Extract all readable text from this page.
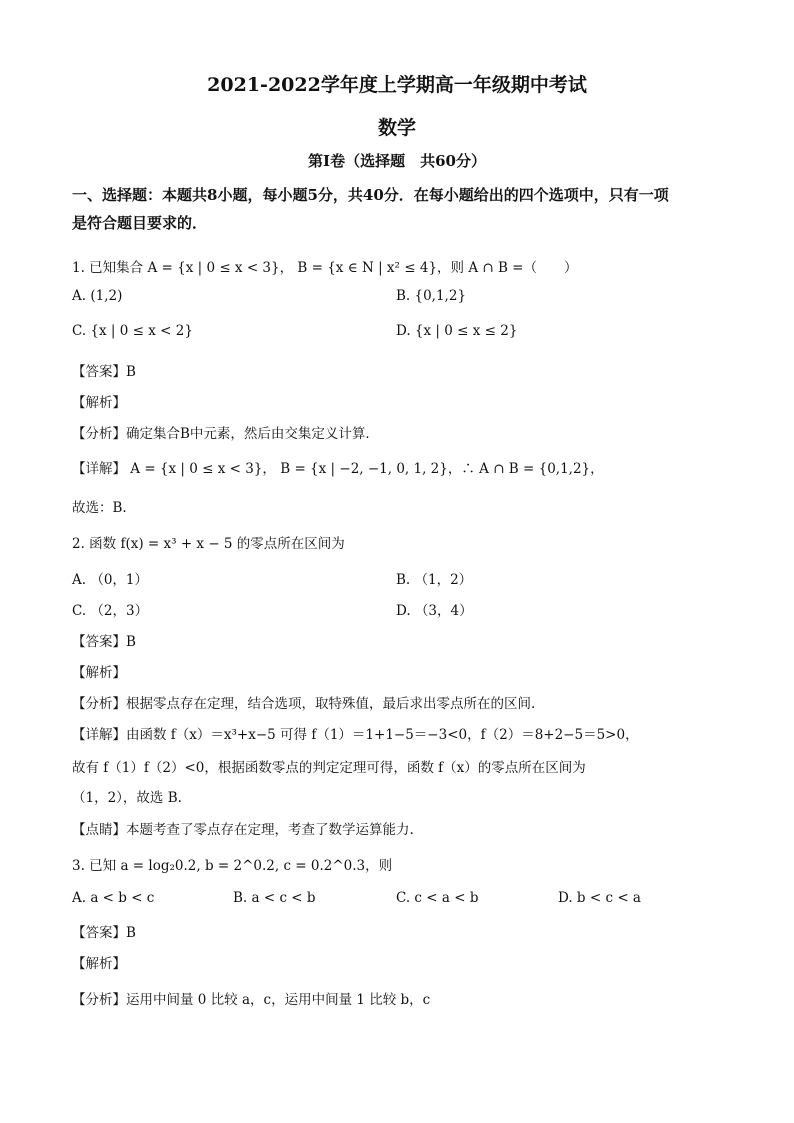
2021-2022学年度上学期高一年级期中考试
数学
第I卷（选择题　共60分）
一、选择题：本题共8小题，每小题5分，共40分．在每小题给出的四个选项中，只有一项
是符合题目要求的．
1. 已知集合 A = {x | 0 ≤ x < 3}， B = {x ∈ N | x² ≤ 4}，则 A ∩ B =（　　）
A. (1,2)	B. {0,1,2}
C. {x | 0 ≤ x < 2}	D. {x | 0 ≤ x ≤ 2}
【答案】B
【解析】
【分析】确定集合B中元素，然后由交集定义计算．
【详解】 A = {x | 0 ≤ x < 3}， B = {x | −2, −1, 0, 1, 2}，∴ A ∩ B = {0,1,2}，
故选：B.
2. 函数 f(x) = x³ + x − 5 的零点所在区间为
A. （0，1）	B. （1，2）
C. （2，3）	D. （3，4）
【答案】B
【解析】
【分析】根据零点存在定理，结合选项，取特殊值，最后求出零点所在的区间.
【详解】由函数 f（x）＝x³+x−5 可得 f（1）＝1+1−5＝−3<0，f（2）＝8+2−5＝5>0，
故有 f（1）f（2）<0，根据函数零点的判定定理可得，函数 f（x）的零点所在区间为
（1，2），故选 B.
【点睛】本题考查了零点存在定理，考查了数学运算能力.
3. 已知 a = log₂0.2, b = 2^0.2, c = 0.2^0.3，则
A. a < b < c	B. a < c < b	C. c < a < b	D. b < c < a
【答案】B
【解析】
【分析】运用中间量 0 比较 a，c，运用中间量 1 比较 b，c
